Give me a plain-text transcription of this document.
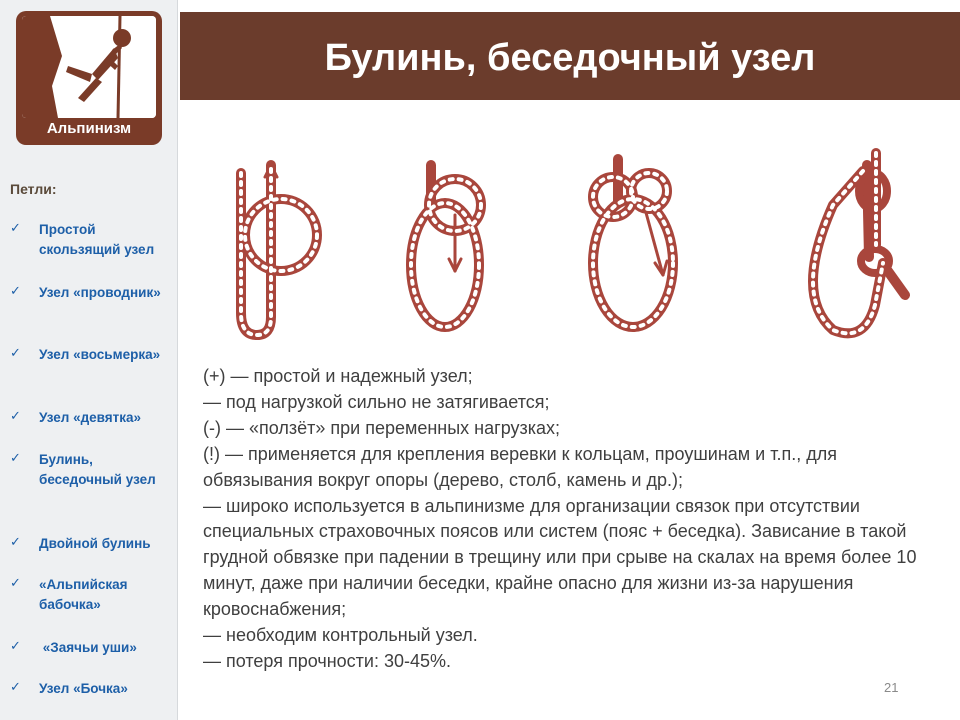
Альпинизм
Петли:
✓ Простой скользящий узел
✓ Узел «проводник»
✓ Узел «восьмерка»
✓ Узел «девятка»
✓ Булинь, беседочный узел
✓ Двойной булинь
✓ «Альпийская бабочка»
✓ «Заячьи уши»
✓ Узел «Бочка»
Булинь, беседочный узел

(+) — простой и надежный узел;

— под нагрузкой сильно не затягивается;

(-) — «ползёт» при переменных нагрузках;

(!) — применяется для крепления веревки к кольцам, проушинам и т.п., для обвязывания вокруг опоры (дерево, столб, камень и др.);

— широко используется в альпинизме для организации связок при отсутствии специальных страховочных поясов или систем (пояс + беседка). Зависание в такой грудной обвязке при падении в трещину или при срыве на скалах на время более 10 минут, даже при наличии беседки, крайне опасно для жизни из-за нарушения кровоснабжения;

— необходим контрольный узел.

— потеря прочности: 30-45%.

21
